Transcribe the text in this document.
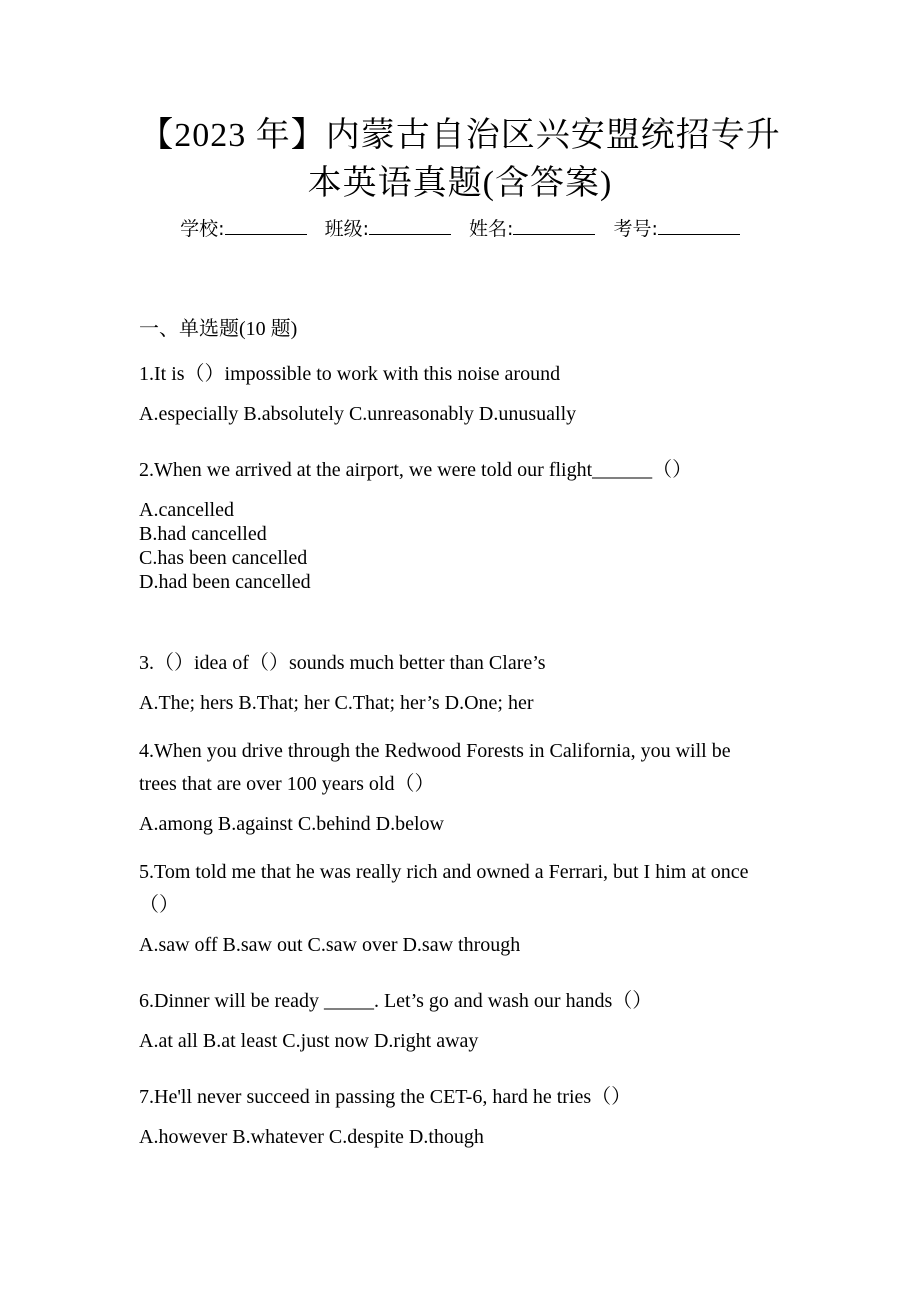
【2023 年】内蒙古自治区兴安盟统招专升
本英语真题(含答案)
学校:	班级:	姓名:	考号:
一、单选题(10 题)
1.It is（）impossible to work with this noise around
A.especially B.absolutely C.unreasonably D.unusually
2.When we arrived at the airport, we were told our flight______（）
A.cancelled
B.had cancelled
C.has been cancelled
D.had been cancelled
3.（）idea of（）sounds much better than Clare’s
A.The; hers B.That; her C.That; her’s D.One; her
4.When you drive through the Redwood Forests in California, you will be
trees that are over 100 years old（）
A.among B.against C.behind D.below
5.Tom told me that he was really rich and owned a Ferrari, but I him at once
（）
A.saw off B.saw out C.saw over D.saw through
6.Dinner will be ready _____. Let’s go and wash our hands（）
A.at all B.at least C.just now D.right away
7.He'll never succeed in passing the CET-6, hard he tries（）
A.however B.whatever C.despite D.though
